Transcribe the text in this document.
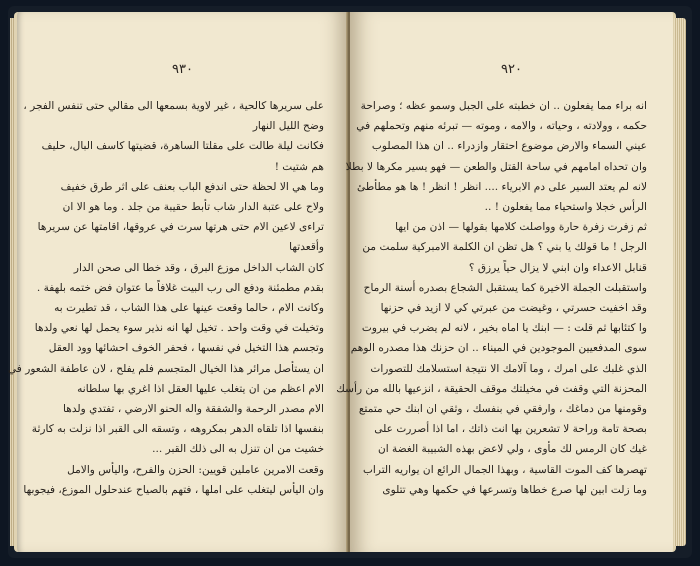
٩٣٠
على سريرها كالحية ، غير لاوية بسمعها الى مقالي حتى تنفس الفجر ،
وضح الليل النهار
فكانت ليلة طالت على مقلتا الساهرة، قضيتها كاسف البال، حليف
هم شتيت !
وما هي الا لحظة حتى اندفع الباب بعنف على اثر طرق خفيف
ولاح على عتبة الدار شاب تأبط حقيبة من جلد . وما هو الا ان
تراءى لاعين الام حتى هرتها سرت في عروقها، اقامتها عن سريرها
وأقعدتها
كان الشاب الداخل موزع البرق ، وقد خطا الى صحن الدار
بقدم مطمئنة ودفع الى رب البيت غلافاً ما عتوان فض ختمه بلهفة .
وكانت الام ، حالما وقعت عينها على هذا الشاب ، قد تطيرت به
وتخيلت في وقت واحد . تخيل لها انه نذير سوء يحمل لها نعي ولدها
وتجسم هذا التخيل في نفسها ، فحفر الخوف احشائها وود العقل
ان يستأصل مرائر هذا الخيال المتجسم فلم يفلح ، لان عاطفة الشعور في
الام اعظم من ان يتغلب عليها العقل اذا اغري بها سلطانه
الام مصدر الرحمة والشفقة واله الحنو الارضي ، تفتدي ولدها
بنفسها اذا تلقاه الدهر بمكروهه ، وتسقه الى القبر اذا نزلت به كارثة
خشيت من ان تنزل به الى ذلك القبر ...
وقعت الامرين عاملين قويين: الحزن والفرح، واليأس والامل
وان اليأس ليتغلب على املها ، فتهم بالصياح عندحلول الموزع، فيجوبها
٩٢٠
انه براء مما يفعلون .. ان خطبته على الجبل وسمو عظه ؛ وصراحة
حكمه ، وولادته ، وحياته ، والامه ، وموته — تبرئه منهم وتحملهم في
عيني السماء والارض موضوع احتقار وازدراء .. ان هذا المصلوب
وان تحداه امامهم في ساحة القتل والطعن — فهو يسير مكرها لا بطلا
لانه لم يعتد السير على دم الابرياء .... انظر ! انظر ! ها هو مطأطئ
الرأس خجلا واستحياء مما يفعلون ! ..
ثم زفرت زفرة حارة وواصلت كلامها بقولها — اذن من ايها
الرجل ! ما قولك يا بني ؟ هل تظن ان الكلمة الامبركية سلمت من
قنابل الاعداء وان ابني لا يزال حياً يرزق ؟
واستقبلت الجملة الاخيرة كما يستقبل الشجاع بصدره أسنة الرماح
وقد اخفيت حسرتي ، وغيضت من عبرتي كي لا ازيد في حزنها
وا كتئابها ثم قلت : — ابنك يا اماه بخير ، لانه لم يضرب في بيروت
سوى المدفعيين الموجودين في الميناء .. ان حزنك هذا مصدره الوهم
الذي غلبك على امرك ، وما آلامك الا نتيجة استسلامك للتصورات
المحزنة التي وقفت في مخيلتك موقف الحقيقة ، انزعيها بالله من رأسك
وقومنها من دماغك ، وارفقي في بنفسك ، وثقي ان ابنك حي متمتع
بصحة تامة وراحة لا تشعرين بها انت ذاتك ، اما اذا أصررت على
غيك كان الرمس لك مأوى ، ولي لاعض بهذه الشبيبة الغضة ان
تهصرها كف الموت القاسية ، وبهذا الجمال الرائع ان يواريه التراب
وما زلت ابين لها صرع خطاها وتسرعها في حكمها وهي تتلوى
